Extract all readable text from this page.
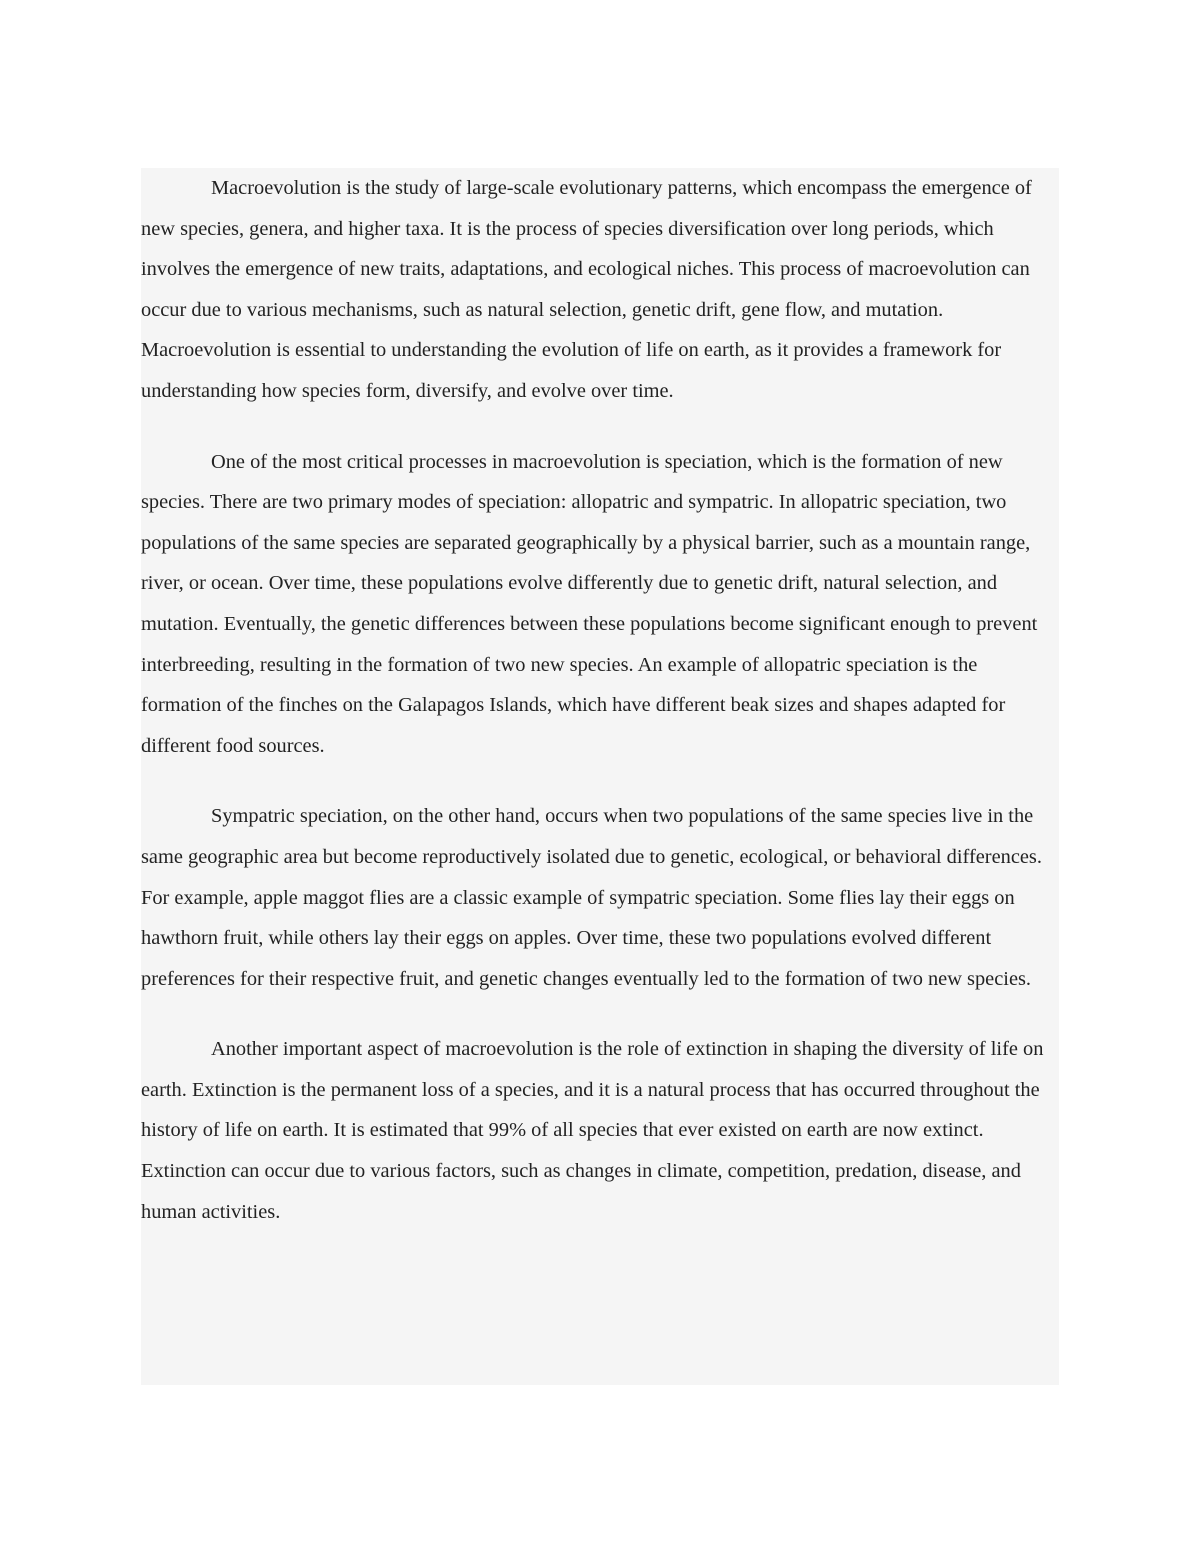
Macroevolution is the study of large-scale evolutionary patterns, which encompass the emergence of new species, genera, and higher taxa. It is the process of species diversification over long periods, which involves the emergence of new traits, adaptations, and ecological niches. This process of macroevolution can occur due to various mechanisms, such as natural selection, genetic drift, gene flow, and mutation. Macroevolution is essential to understanding the evolution of life on earth, as it provides a framework for understanding how species form, diversify, and evolve over time.

One of the most critical processes in macroevolution is speciation, which is the formation of new species. There are two primary modes of speciation: allopatric and sympatric. In allopatric speciation, two populations of the same species are separated geographically by a physical barrier, such as a mountain range, river, or ocean. Over time, these populations evolve differently due to genetic drift, natural selection, and mutation. Eventually, the genetic differences between these populations become significant enough to prevent interbreeding, resulting in the formation of two new species. An example of allopatric speciation is the formation of the finches on the Galapagos Islands, which have different beak sizes and shapes adapted for different food sources.

Sympatric speciation, on the other hand, occurs when two populations of the same species live in the same geographic area but become reproductively isolated due to genetic, ecological, or behavioral differences. For example, apple maggot flies are a classic example of sympatric speciation. Some flies lay their eggs on hawthorn fruit, while others lay their eggs on apples. Over time, these two populations evolved different preferences for their respective fruit, and genetic changes eventually led to the formation of two new species.

Another important aspect of macroevolution is the role of extinction in shaping the diversity of life on earth. Extinction is the permanent loss of a species, and it is a natural process that has occurred throughout the history of life on earth. It is estimated that 99% of all species that ever existed on earth are now extinct. Extinction can occur due to various factors, such as changes in climate, competition, predation, disease, and human activities.
